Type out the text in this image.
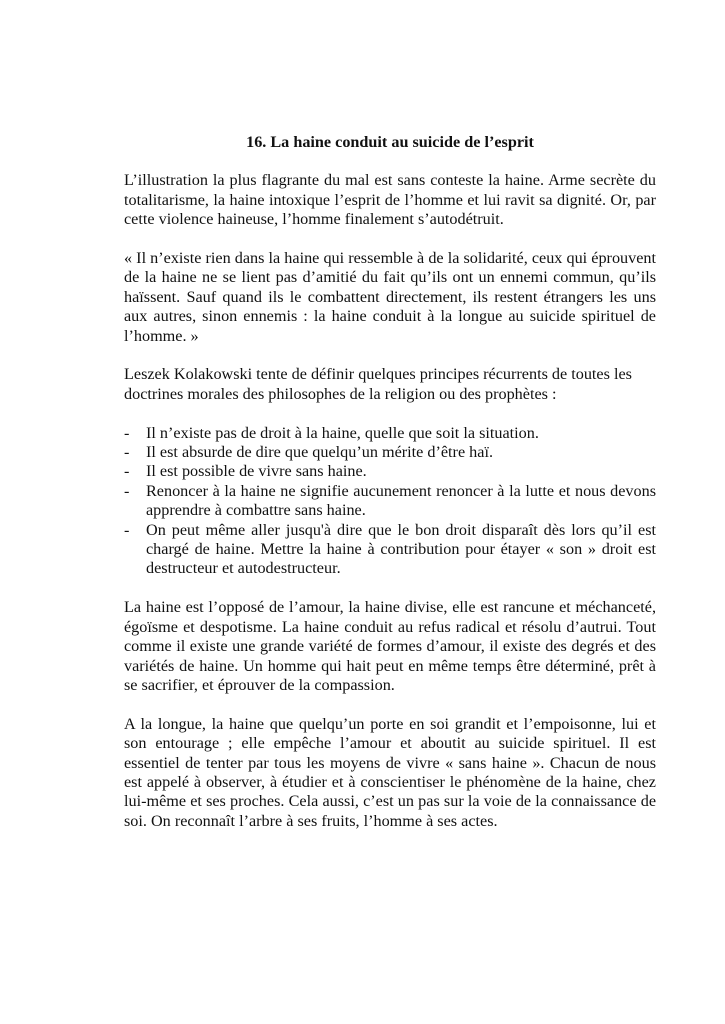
16. La haine conduit au suicide de l’esprit

L’illustration la plus flagrante du mal est sans conteste la haine. Arme secrète du totalitarisme, la haine intoxique l’esprit de l’homme et lui ravit sa dignité. Or, par cette violence haineuse, l’homme finalement s’autodétruit.

« Il n’existe rien dans la haine qui ressemble à de la solidarité, ceux qui éprouvent de la haine ne se lient pas d’amitié du fait qu’ils ont un ennemi commun, qu’ils haïssent. Sauf quand ils le combattent directement, ils restent étrangers les uns aux autres, sinon ennemis : la haine conduit à la longue au suicide spirituel de l’homme. »

Leszek Kolakowski tente de définir quelques principes récurrents de toutes les doctrines morales des philosophes de la religion ou des prophètes :

- Il n’existe pas de droit à la haine, quelle que soit la situation.
- Il est absurde de dire que quelqu’un mérite d’être haï.
- Il est possible de vivre sans haine.
- Renoncer à la haine ne signifie aucunement renoncer à la lutte et nous devons apprendre à combattre sans haine.
- On peut même aller jusqu'à dire que le bon droit disparaît dès lors qu’il est chargé de haine. Mettre la haine à contribution pour étayer « son » droit est destructeur et autodestructeur.

La haine est l’opposé de l’amour, la haine divise, elle est rancune et méchanceté, égoïsme et despotisme. La haine conduit au refus radical et résolu d’autrui. Tout comme il existe une grande variété de formes d’amour, il existe des degrés et des variétés de haine. Un homme qui hait peut en même temps être déterminé, prêt à se sacrifier, et éprouver de la compassion.

A la longue, la haine que quelqu’un porte en soi grandit et l’empoisonne, lui et son entourage ; elle empêche l’amour et aboutit au suicide spirituel. Il est essentiel de tenter par tous les moyens de vivre « sans haine ». Chacun de nous est appelé à observer, à étudier et à conscientiser le phénomène de la haine, chez lui-même et ses proches. Cela aussi, c’est un pas sur la voie de la connaissance de soi. On reconnaît l’arbre à ses fruits, l’homme à ses actes.
